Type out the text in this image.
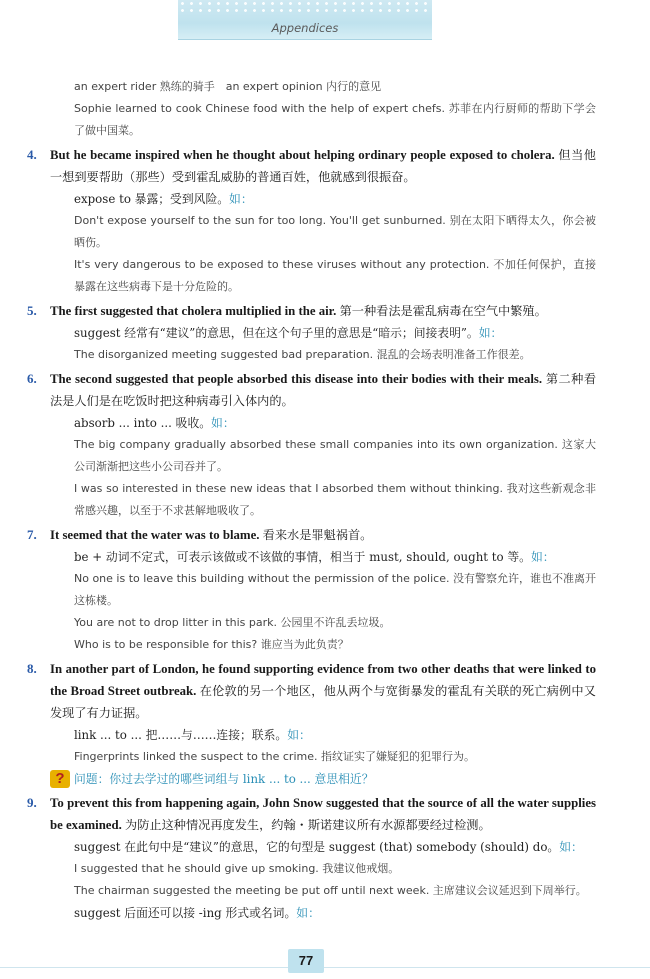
Appendices
an expert rider 熟练的骑手　an expert opinion 内行的意见
Sophie learned to cook Chinese food with the help of expert chefs. 苏菲在内行厨师的帮助下学会了做中国菜。
4. But he became inspired when he thought about helping ordinary people exposed to cholera. 但当他一想到要帮助（那些）受到霍乱威胁的普通百姓，他就感到很振奋。
expose to 暴露；受到风险。如：
Don't expose yourself to the sun for too long. You'll get sunburned. 别在太阳下晒得太久，你会被晒伤。
It's very dangerous to be exposed to these viruses without any protection. 不加任何保护，直接暴露在这些病毒下是十分危险的。
5. The first suggested that cholera multiplied in the air. 第一种看法是霍乱病毒在空气中繁殖。
suggest 经常有“建议”的意思，但在这个句子里的意思是“暗示；间接表明”。如：
The disorganized meeting suggested bad preparation. 混乱的会场表明准备工作很差。
6. The second suggested that people absorbed this disease into their bodies with their meals. 第二种看法是人们是在吃饭时把这种病毒引入体内的。
absorb ... into ... 吸收。如：
The big company gradually absorbed these small companies into its own organization. 这家大公司渐渐把这些小公司吞并了。
I was so interested in these new ideas that I absorbed them without thinking. 我对这些新观念非常感兴趣，以至于不求甚解地吸收了。
7. It seemed that the water was to blame. 看来水是罪魁祸首。
be + 动词不定式，可表示该做或不该做的事情，相当于 must, should, ought to 等。如：
No one is to leave this building without the permission of the police. 没有警察允许，谁也不准离开这栋楼。
You are not to drop litter in this park. 公园里不许乱丢垃圾。
Who is to be responsible for this? 谁应当为此负责？
8. In another part of London, he found supporting evidence from two other deaths that were linked to the Broad Street outbreak. 在伦敦的另一个地区，他从两个与宽街暴发的霍乱有关联的死亡病例中又发现了有力证据。
link ... to ... 把……与……连接；联系。如：
Fingerprints linked the suspect to the crime. 指纹证实了嫌疑犯的犯罪行为。
? 问题：你过去学过的哪些词组与 link ... to ... 意思相近？
9. To prevent this from happening again, John Snow suggested that the source of all the water supplies be examined. 为防止这种情况再度发生，约翰・斯诺建议所有水源都要经过检测。
suggest 在此句中是“建议”的意思，它的句型是 suggest (that) somebody (should) do。如：
I suggested that he should give up smoking. 我建议他戒烟。
The chairman suggested the meeting be put off until next week. 主席建议会议延迟到下周举行。
suggest 后面还可以接 -ing 形式或名词。如：
77
